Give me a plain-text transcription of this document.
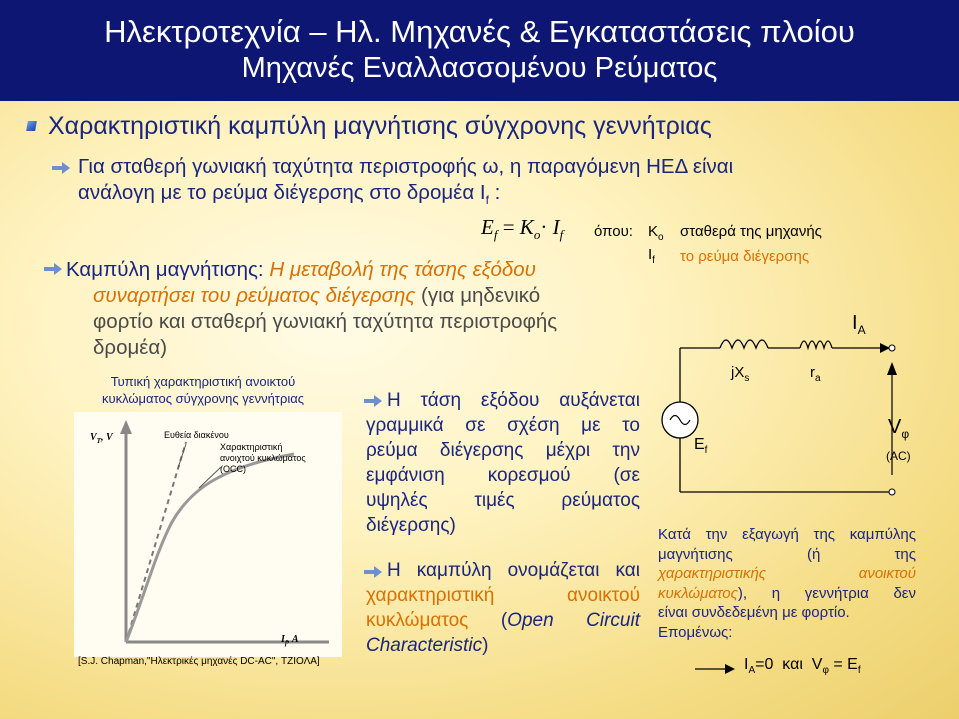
Ηλεκτροτεχνία – Ηλ. Μηχανές & Εγκαταστάσεις πλοίου
Μηχανές Εναλλασσομένου Ρεύματος
Χαρακτηριστική καμπύλη μαγνήτισης σύγχρονης γεννήτριας
Για σταθερή γωνιακή ταχύτητα περιστροφής ω, η παραγόμενη ΗΕΔ είναι
ανάλογη με το ρεύμα διέγερσης στο δρομέα $I_f$ :
$E_f = K_o\cdot I_f$ όπου: $K_o$ σταθερά της μηχανής
$I_f$ το ρεύμα διέγερσης
Καμπύλη μαγνήτισης: Η μεταβολή της τάσης εξόδου
συναρτήσει του ρεύματος διέγερσης (για μηδενικό
φορτίο και σταθερή γωνιακή ταχύτητα περιστροφής
δρομέα)
Τυπική χαρακτηριστική ανοικτού
κυκλώματος σύγχρονης γεννήτριας
$V_T$, V
$I_f$, A
Ευθεία διακένου
Χαρακτηριστική
ανοιχτού κυκλώματος
(OCC)
[S.J. Chapman,"Ηλεκτρικές μηχανές DC-AC", ΤΖΙΟΛΑ]
Η τάση εξόδου αυξάνεται
γραμμικά σε σχέση με το
ρεύμα διέγερσης μέχρι την
εμφάνιση κορεσμού (σε
υψηλές τιμές ρεύματος
διέγερσης)
Η καμπύλη ονομάζεται και
χαρακτηριστική ανοικτού
κυκλώματος (Open Circuit
Characteristic)
$I_A$
$jX_s$	$r_a$
$E_f$
$V_\varphi$
(AC)
Κατά την εξαγωγή της καμπύλης
μαγνήτισης (ή της
χαρακτηριστικής ανοικτού
κυκλώματος), η γεννήτρια δεν
είναι συνδεδεμένη με φορτίο.
Επομένως:
$I_A=0$ και $V_\varphi = E_f$
